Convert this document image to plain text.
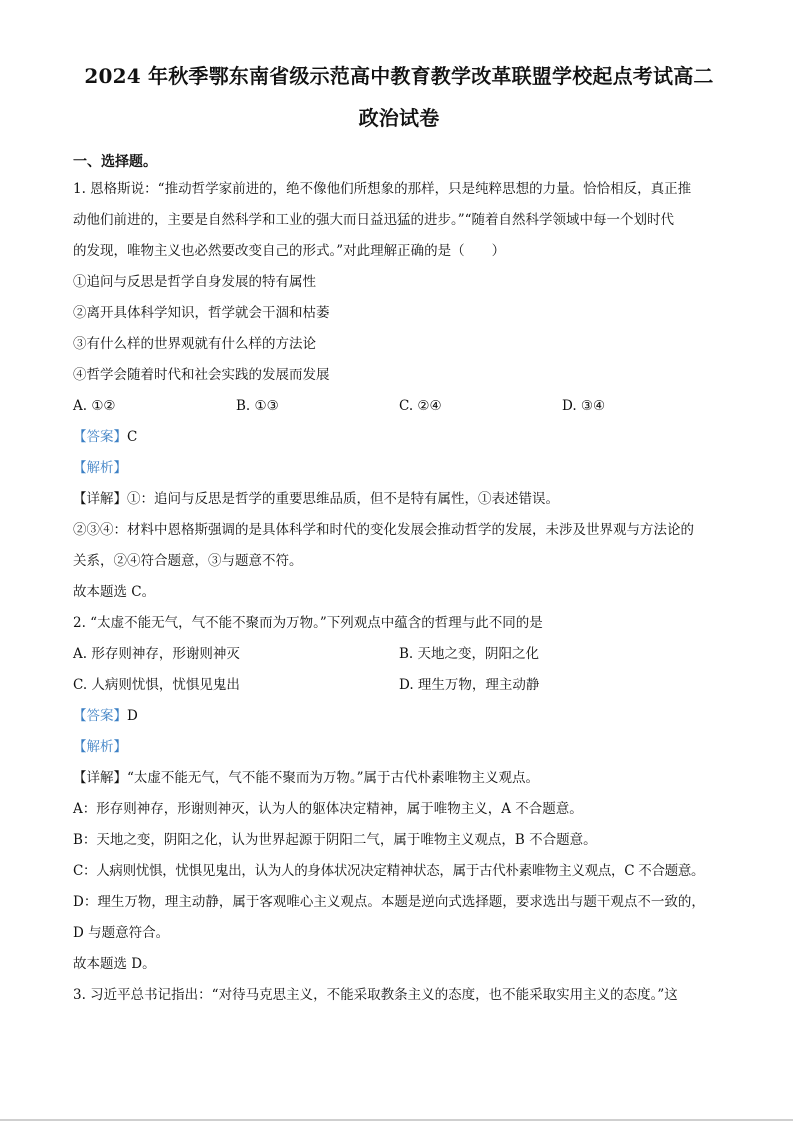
2024 年秋季鄂东南省级示范高中教育教学改革联盟学校起点考试高二
政治试卷
一、选择题。

1. 恩格斯说：“推动哲学家前进的，绝不像他们所想象的那样，只是纯粹思想的力量。恰恰相反，真正推

动他们前进的，主要是自然科学和工业的强大而日益迅猛的进步。”“随着自然科学领域中每一个划时代

的发现，唯物主义也必然要改变自己的形式。”对此理解正确的是（　　）

①追问与反思是哲学自身发展的特有属性

②离开具体科学知识，哲学就会干涸和枯萎

③有什么样的世界观就有什么样的方法论

④哲学会随着时代和社会实践的发展而发展

A. ①②	B. ①③	C. ②④	D. ③④

【答案】C

【解析】

【详解】①：追问与反思是哲学的重要思维品质，但不是特有属性，①表述错误。

②③④：材料中恩格斯强调的是具体科学和时代的变化发展会推动哲学的发展，未涉及世界观与方法论的

关系，②④符合题意，③与题意不符。

故本题选 C。

2. “太虚不能无气，气不能不聚而为万物。”下列观点中蕴含的哲理与此不同的是

A. 形存则神存，形谢则神灭	B. 天地之变，阴阳之化
C. 人病则忧惧，忧惧见鬼出	D. 理生万物，理主动静

【答案】D

【解析】

【详解】“太虚不能无气，气不能不聚而为万物。”属于古代朴素唯物主义观点。

A：形存则神存，形谢则神灭，认为人的躯体决定精神，属于唯物主义，A 不合题意。

B：天地之变，阴阳之化，认为世界起源于阴阳二气，属于唯物主义观点，B 不合题意。

C：人病则忧惧，忧惧见鬼出，认为人的身体状况决定精神状态，属于古代朴素唯物主义观点，C 不合题意。

D：理生万物，理主动静，属于客观唯心主义观点。本题是逆向式选择题，要求选出与题干观点不一致的，

D 与题意符合。

故本题选 D。

3. 习近平总书记指出：“对待马克思主义，不能采取教条主义的态度，也不能采取实用主义的态度。”这
